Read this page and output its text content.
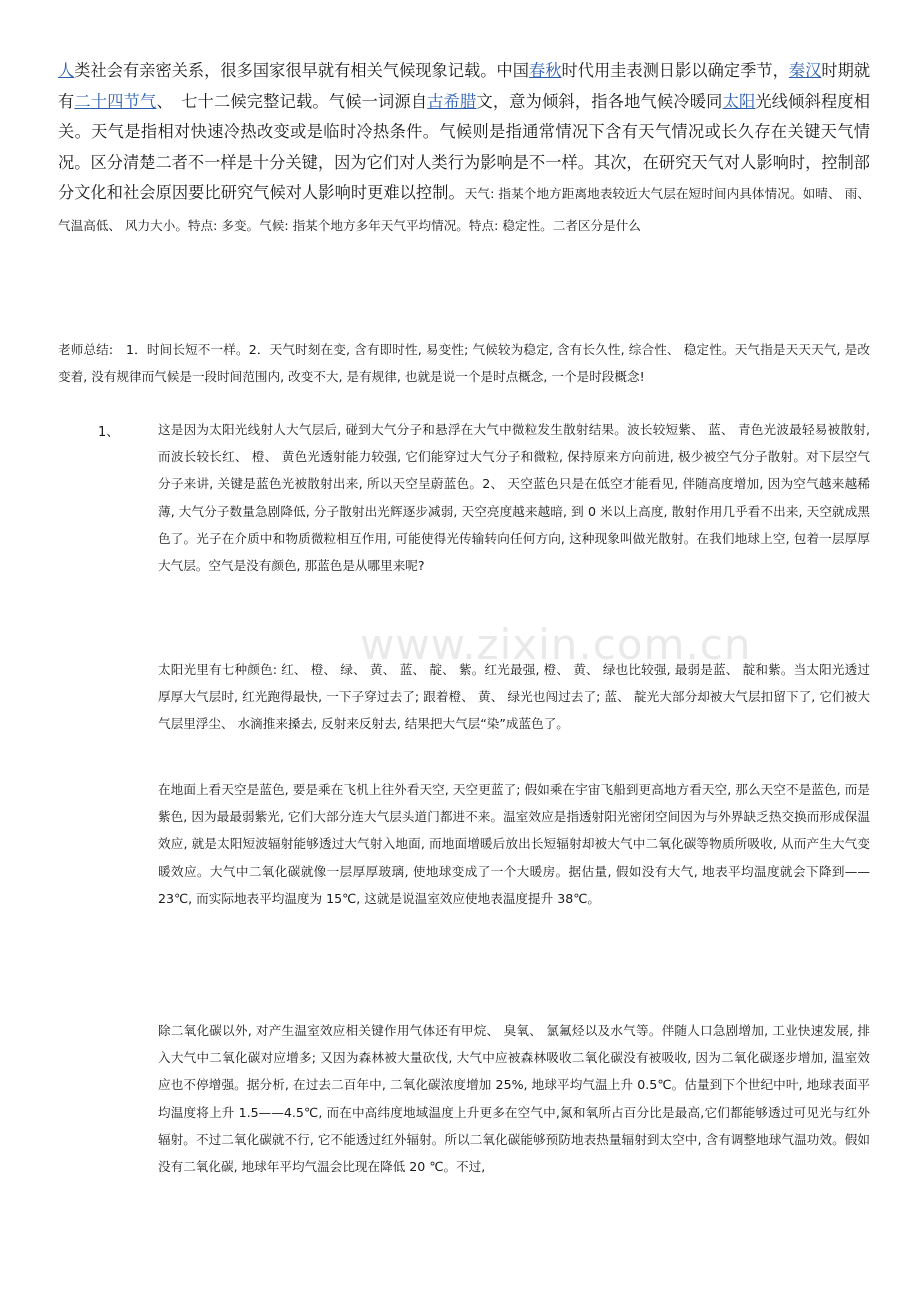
www.zixin.com.cn
人类社会有亲密关系，很多国家很早就有相关气候现象记载。中国春秋时代用圭表测日影以确定季节，秦汉时期就有二十四节气、　七十二候完整记载。气候一词源自古希腊文，意为倾斜，指各地气候冷暖同太阳光线倾斜程度相关。天气是指相对快速冷热改变或是临时冷热条件。气候则是指通常情况下含有天气情况或长久存在关键天气情况。区分清楚二者不一样是十分关键，因为它们对人类行为影响是不一样。其次，在研究天气对人影响时，控制部分文化和社会原因要比研究气候对人影响时更难以控制。天气: 指某个地方距离地表较近大气层在短时间内具体情况。如晴、 雨、 气温高低、 风力大小。特点: 多变。气候: 指某个地方多年天气平均情况。特点: 稳定性。二者区分是什么
老师总结:　1．时间长短不一样。2．天气时刻在变, 含有即时性, 易变性; 气候较为稳定, 含有长久性, 综合性、 稳定性。天气指是天天天气, 是改变着, 没有规律而气候是一段时间范围内, 改变不大, 是有规律, 也就是说一个是时点概念, 一个是时段概念!
1、	这是因为太阳光线射人大气层后, 碰到大气分子和悬浮在大气中微粒发生散射结果。波长较短紫、 蓝、 青色光波最轻易被散射, 而波长较长红、 橙、 黄色光透射能力较强, 它们能穿过大气分子和微粒, 保持原来方向前进, 极少被空气分子散射。对下层空气分子来讲, 关键是蓝色光被散射出来, 所以天空呈蔚蓝色。2、 天空蓝色只是在低空才能看见, 伴随高度增加, 因为空气越来越稀薄, 大气分子数量急剧降低, 分子散射出光辉逐步减弱, 天空亮度越来越暗, 到 0 米以上高度, 散射作用几乎看不出来, 天空就成黑色了。光子在介质中和物质微粒相互作用, 可能使得光传输转向任何方向, 这种现象叫做光散射。在我们地球上空, 包着一层厚厚大气层。空气是没有颜色, 那蓝色是从哪里来呢?
太阳光里有七种颜色: 红、 橙、 绿、 黄、 蓝、 靛、 紫。红光最强, 橙、 黄、 绿也比较强, 最弱是蓝、 靛和紫。当太阳光透过厚厚大气层时, 红光跑得最快, 一下子穿过去了; 跟着橙、 黄、 绿光也闯过去了; 蓝、 靛光大部分却被大气层扣留下了, 它们被大气层里浮尘、 水滴推来搡去, 反射来反射去, 结果把大气层“染”成蓝色了。
在地面上看天空是蓝色, 要是乘在飞机上往外看天空, 天空更蓝了; 假如乘在宇宙飞船到更高地方看天空, 那么天空不是蓝色, 而是紫色, 因为最最弱紫光, 它们大部分连大气层头道门都进不来。温室效应是指透射阳光密闭空间因为与外界缺乏热交换而形成保温效应, 就是太阳短波辐射能够透过大气射入地面, 而地面增暖后放出长短辐射却被大气中二氧化碳等物质所吸收, 从而产生大气变暖效应。大气中二氧化碳就像一层厚厚玻璃, 使地球变成了一个大暖房。据估量, 假如没有大气, 地表平均温度就会下降到——23℃, 而实际地表平均温度为 15℃, 这就是说温室效应使地表温度提升 38℃。
除二氧化碳以外, 对产生温室效应相关键作用气体还有甲烷、 臭氧、 氯氟烃以及水气等。伴随人口急剧增加, 工业快速发展, 排入大气中二氧化碳对应增多; 又因为森林被大量砍伐, 大气中应被森林吸收二氧化碳没有被吸收, 因为二氧化碳逐步增加, 温室效应也不停增强。据分析, 在过去二百年中, 二氧化碳浓度增加 25%, 地球平均气温上升 0.5℃。估量到下个世纪中叶, 地球表面平均温度将上升 1.5——4.5℃, 而在中高纬度地域温度上升更多在空气中,氮和氧所占百分比是最高,它们都能够透过可见光与红外辐射。不过二氧化碳就不行, 它不能透过红外辐射。所以二氧化碳能够预防地表热量辐射到太空中, 含有调整地球气温功效。假如没有二氧化碳, 地球年平均气温会比现在降低 20 ℃。不过,
